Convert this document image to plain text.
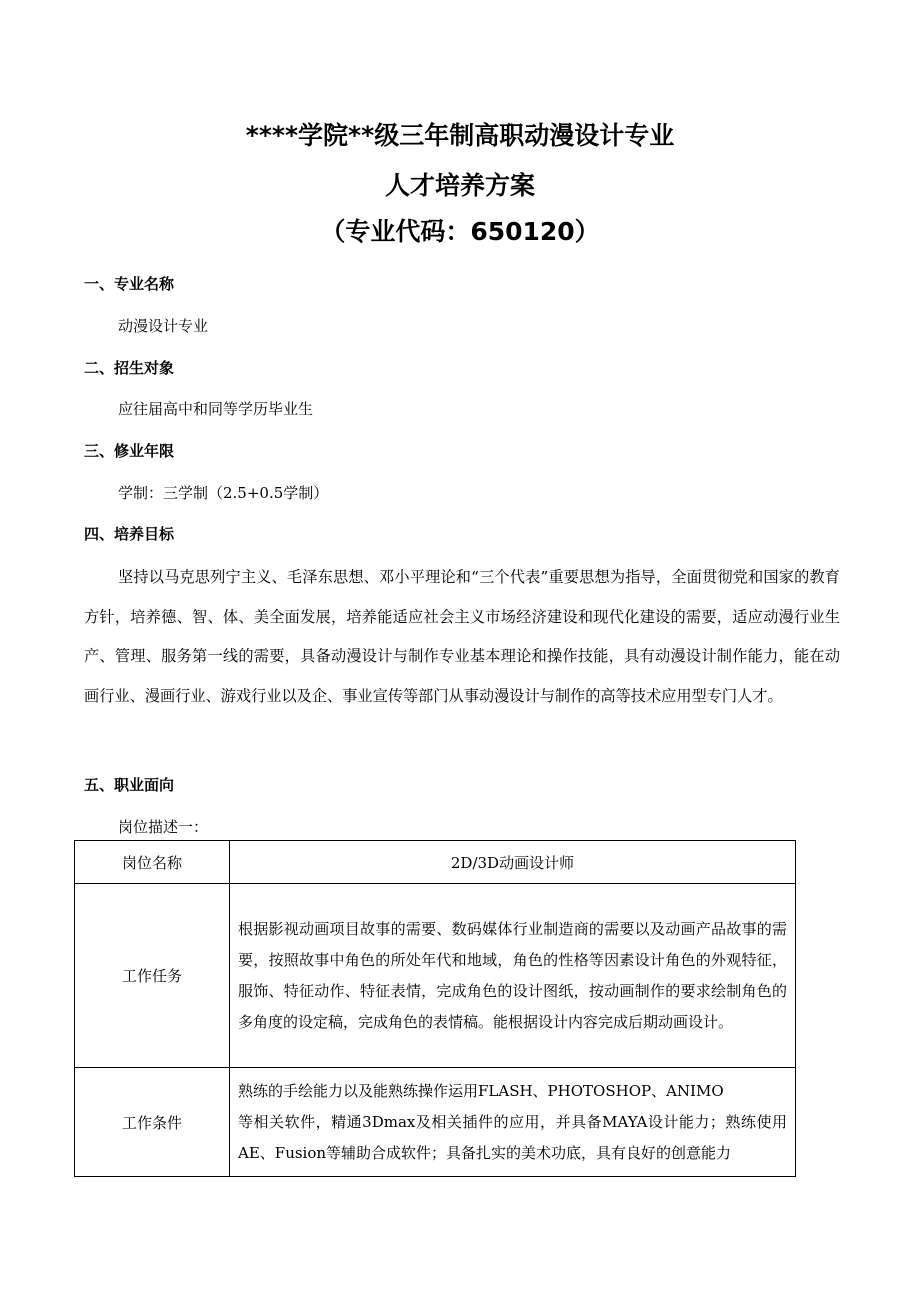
****学院**级三年制高职动漫设计专业
人才培养方案
（专业代码：650120）
一、专业名称

动漫设计专业

二、招生对象

应往届高中和同等学历毕业生

三、修业年限

学制：三学制（2.5+0.5学制）

四、培养目标

坚持以马克思列宁主义、毛泽东思想、邓小平理论和“三个代表”重要思想为指导，全面贯彻党和国家的教育方针，培养德、智、体、美全面发展，培养能适应社会主义市场经济建设和现代化建设的需要，适应动漫行业生产、管理、服务第一线的需要，具备动漫设计与制作专业基本理论和操作技能，具有动漫设计制作能力，能在动画行业、漫画行业、游戏行业以及企、事业宣传等部门从事动漫设计与制作的高等技术应用型专门人才。

五、职业面向

岗位描述一：

岗位名称	2D/3D动画设计师
工作任务	根据影视动画项目故事的需要、数码媒体行业制造商的需要以及动画产品故事的需要，按照故事中角色的所处年代和地域，角色的性格等因素设计角色的外观特征，服饰、特征动作、特征表情，完成角色的设计图纸，按动画制作的要求绘制角色的多角度的设定稿，完成角色的表情稿。能根据设计内容完成后期动画设计。
工作条件	熟练的手绘能力以及能熟练操作运用FLASH、PHOTOSHOP、ANIMO
等相关软件，精通3Dmax及相关插件的应用，并具备MAYA设计能力；熟练使用AE、Fusion等辅助合成软件；具备扎实的美术功底，具有良好的创意能力
